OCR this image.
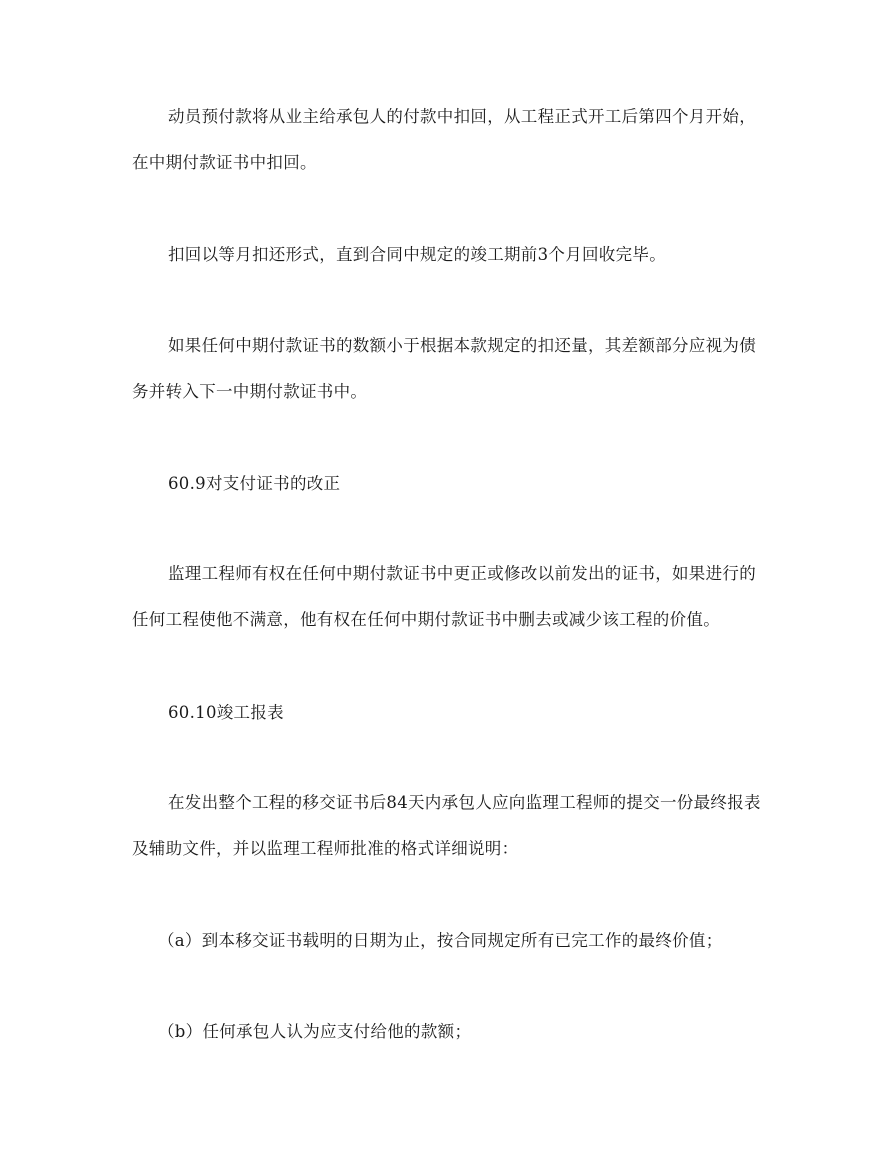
动员预付款将从业主给承包人的付款中扣回，从工程正式开工后第四个月开始，在中期付款证书中扣回。

扣回以等月扣还形式，直到合同中规定的竣工期前3个月回收完毕。

如果任何中期付款证书的数额小于根据本款规定的扣还量，其差额部分应视为债务并转入下一中期付款证书中。

60.9对支付证书的改正

监理工程师有权在任何中期付款证书中更正或修改以前发出的证书，如果进行的任何工程使他不满意，他有权在任何中期付款证书中删去或减少该工程的价值。

60.10竣工报表

在发出整个工程的移交证书后84天内承包人应向监理工程师的提交一份最终报表及辅助文件，并以监理工程师批准的格式详细说明：

（a）到本移交证书载明的日期为止，按合同规定所有已完工作的最终价值；

（b）任何承包人认为应支付给他的款额；
